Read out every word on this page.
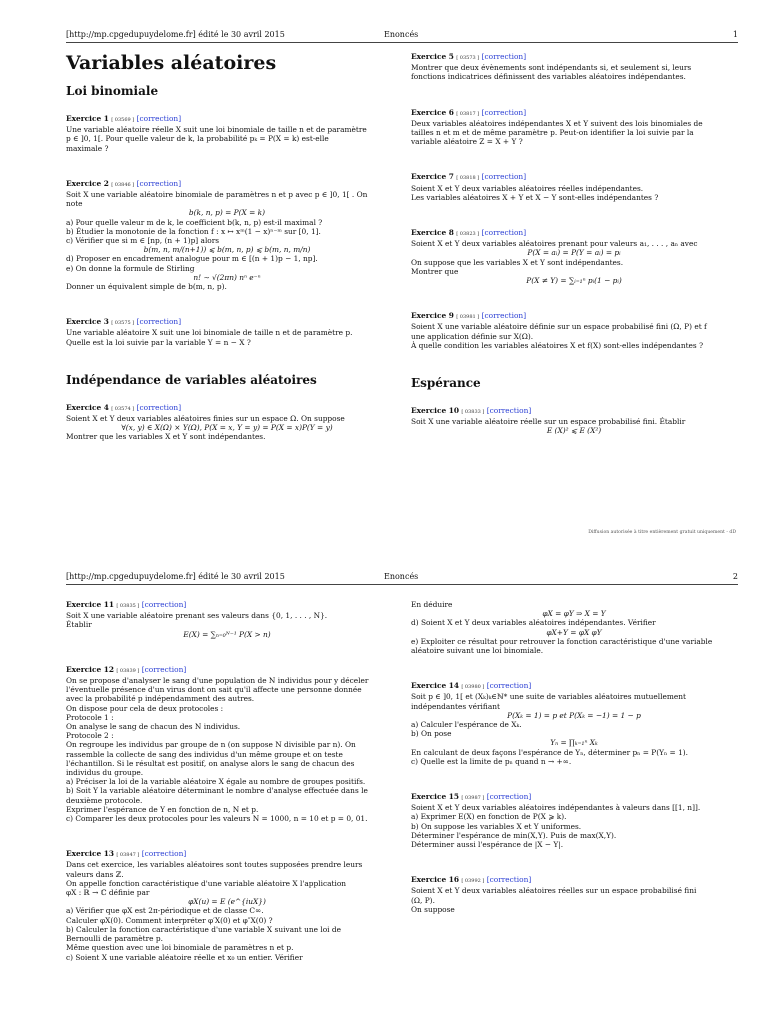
[http://mp.cpgedupuydelome.fr] édité le 30 avril 2015	Enoncés	1
Variables aléatoires
Loi binomiale

Exercice 1 [ 03569 ] [correction]

Une variable aléatoire réelle X suit une loi binomiale de taille n et de paramètre

p ∈ ]0, 1[. Pour quelle valeur de k, la probabilité pₖ = P(X = k) est-elle

maximale ?

Exercice 2 [ 03846 ] [correction]

Soit X une variable aléatoire binomiale de paramètres n et p avec p ∈ ]0, 1[ . On

note

b(k, n, p) = P(X = k)

a) Pour quelle valeur m de k, le coefficient b(k, n, p) est-il maximal ?

b) Étudier la monotonie de la fonction f : x ↦ xᵐ(1 − x)ⁿ⁻ᵐ sur [0, 1].

c) Vérifier que si m ∈ [np, (n + 1)p] alors

b(m, n, m/(n+1)) ⩽ b(m, n, p) ⩽ b(m, n, m/n)

d) Proposer en encadrement analogue pour m ∈ [(n + 1)p − 1, np].

e) On donne la formule de Stirling

n! ∼ √(2πn) nⁿ e⁻ⁿ

Donner un équivalent simple de b(m, n, p).

Exercice 3 [ 03575 ] [correction]

Une variable aléatoire X suit une loi binomiale de taille n et de paramètre p.

Quelle est la loi suivie par la variable Y = n − X ?

Indépendance de variables aléatoires

Exercice 4 [ 03574 ] [correction]

Soient X et Y deux variables aléatoires finies sur un espace Ω. On suppose

∀(x, y) ∈ X(Ω) × Y(Ω), P(X = x, Y = y) = P(X = x)P(Y = y)

Montrer que les variables X et Y sont indépendantes.

Exercice 5 [ 03573 ] [correction]

Montrer que deux évènements sont indépendants si, et seulement si, leurs

fonctions indicatrices définissent des variables aléatoires indépendantes.

Exercice 6 [ 03817 ] [correction]

Deux variables aléatoires indépendantes X et Y suivent des lois binomiales de

tailles n et m et de même paramètre p. Peut-on identifier la loi suivie par la

variable aléatoire Z = X + Y ?

Exercice 7 [ 03818 ] [correction]

Soient X et Y deux variables aléatoires réelles indépendantes.

Les variables aléatoires X + Y et X − Y sont-elles indépendantes ?

Exercice 8 [ 03823 ] [correction]

Soient X et Y deux variables aléatoires prenant pour valeurs a₁, . . . , aₙ avec

P(X = aᵢ) = P(Y = aᵢ) = pᵢ

On suppose que les variables X et Y sont indépendantes.

Montrer que

P(X ≠ Y) = ∑ᵢ₌₁ⁿ pᵢ(1 − pᵢ)

Exercice 9 [ 03981 ] [correction]

Soient X une variable aléatoire définie sur un espace probabilisé fini (Ω, P) et f

une application définie sur X(Ω).

À quelle condition les variables aléatoires X et f(X) sont-elles indépendantes ?

Espérance

Exercice 10 [ 03833 ] [correction]

Soit X une variable aléatoire réelle sur un espace probabilisé fini. Établir

E (X)² ⩽ E (X²)

Diffusion autorisée à titre entièrement gratuit uniquement - dD
[http://mp.cpgedupuydelome.fr] édité le 30 avril 2015	Enoncés	2

Exercice 11 [ 03835 ] [correction]

Soit X une variable aléatoire prenant ses valeurs dans {0, 1, . . . , N}.

Établir

E(X) = ∑ₙ₌₀ᴺ⁻¹ P(X > n)

Exercice 12 [ 03839 ] [correction]

On se propose d'analyser le sang d'une population de N individus pour y déceler

l'éventuelle présence d'un virus dont on sait qu'il affecte une personne donnée

avec la probabilité p indépendamment des autres.

On dispose pour cela de deux protocoles :

Protocole 1 :

On analyse le sang de chacun des N individus.

Protocole 2 :

On regroupe les individus par groupe de n (on suppose N divisible par n). On

rassemble la collecte de sang des individus d'un même groupe et on teste

l'échantillon. Si le résultat est positif, on analyse alors le sang de chacun des

individus du groupe.

a) Préciser la loi de la variable aléatoire X égale au nombre de groupes positifs.

b) Soit Y la variable aléatoire déterminant le nombre d'analyse effectuée dans le

deuxième protocole.

Exprimer l'espérance de Y en fonction de n, N et p.

c) Comparer les deux protocoles pour les valeurs N = 1000, n = 10 et p = 0, 01.

Exercice 13 [ 03847 ] [correction]

Dans cet exercice, les variables aléatoires sont toutes supposées prendre leurs

valeurs dans ℤ.

On appelle fonction caractéristique d'une variable aléatoire X l'application

φX : ℝ → ℂ définie par

φX(u) = E (e^{iuX})

a) Vérifier que φX est 2π-périodique et de classe C∞.

Calculer φX(0). Comment interpréter φ′X(0) et φ″X(0) ?

b) Calculer la fonction caractéristique d'une variable X suivant une loi de

Bernoulli de paramètre p.

Même question avec une loi binomiale de paramètres n et p.

c) Soient X une variable aléatoire réelle et x₀ un entier. Vérifier

En déduire

φX = φY ⇒ X = Y

d) Soient X et Y deux variables aléatoires indépendantes. Vérifier

φX+Y = φX φY

e) Exploiter ce résultat pour retrouver la fonction caractéristique d'une variable

aléatoire suivant une loi binomiale.

Exercice 14 [ 03980 ] [correction]

Soit p ∈ ]0, 1[ et (Xₖ)ₖ∈ℕ* une suite de variables aléatoires mutuellement

indépendantes vérifiant

P(Xₖ = 1) = p et P(Xₖ = −1) = 1 − p

a) Calculer l'espérance de Xₖ.

b) On pose

Yₙ = ∏ₖ₌₁ⁿ Xₖ

En calculant de deux façons l'espérance de Yₙ, déterminer pₙ = P(Yₙ = 1).

c) Quelle est la limite de pₙ quand n → +∞.

Exercice 15 [ 03987 ] [correction]

Soient X et Y deux variables aléatoires indépendantes à valeurs dans [[1, n]].

a) Exprimer E(X) en fonction de P(X ⩾ k).

b) On suppose les variables X et Y uniformes.

Déterminer l'espérance de min(X,Y). Puis de max(X,Y).

Déterminer aussi l'espérance de |X − Y|.

Exercice 16 [ 03992 ] [correction]

Soient X et Y deux variables aléatoires réelles sur un espace probabilisé fini

(Ω, P).

On suppose
